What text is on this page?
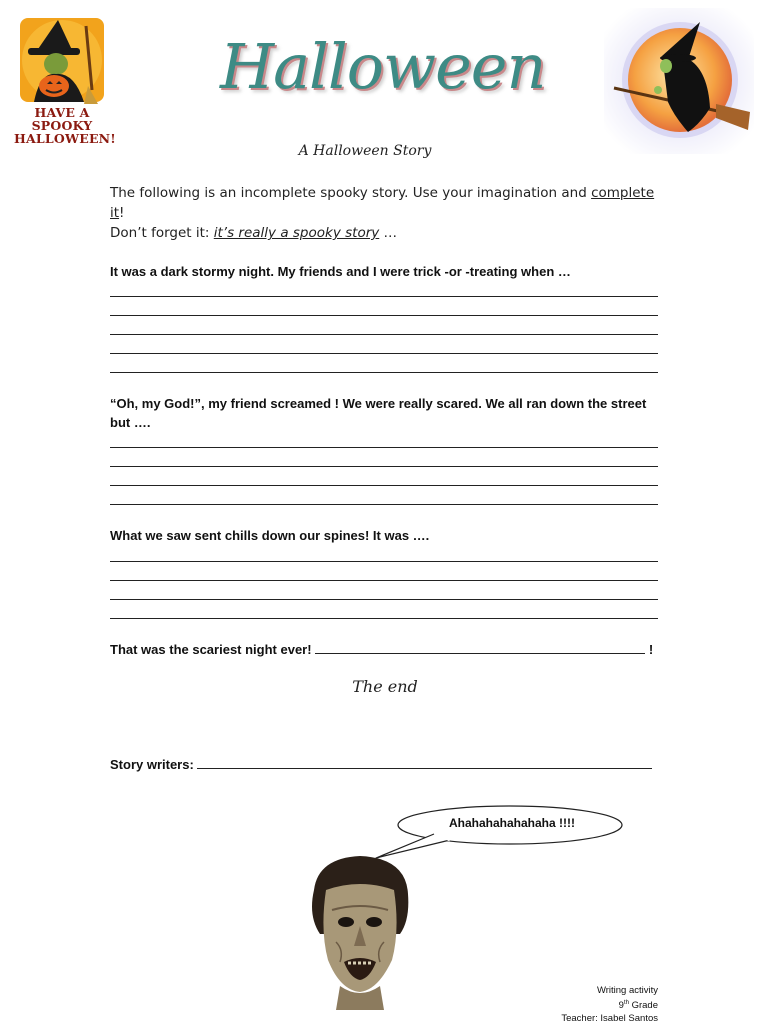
HAVE A
SPOOKY
HALLOWEEN!
Halloween
A Halloween Story
The following is an incomplete spooky story. Use your imagination and complete it!
Don’t forget it: it’s really a spooky story …
It was a dark stormy night. My friends and I were trick -or -treating when …
“Oh, my God!”, my friend screamed ! We were really scared. We all ran down the street but ….
What we saw sent chills down our spines! It was ….
That was the scariest night ever!	!
The end
Story writers:
Ahahahahahahaha !!!!
Writing activity
9th Grade
Teacher: Isabel Santos
